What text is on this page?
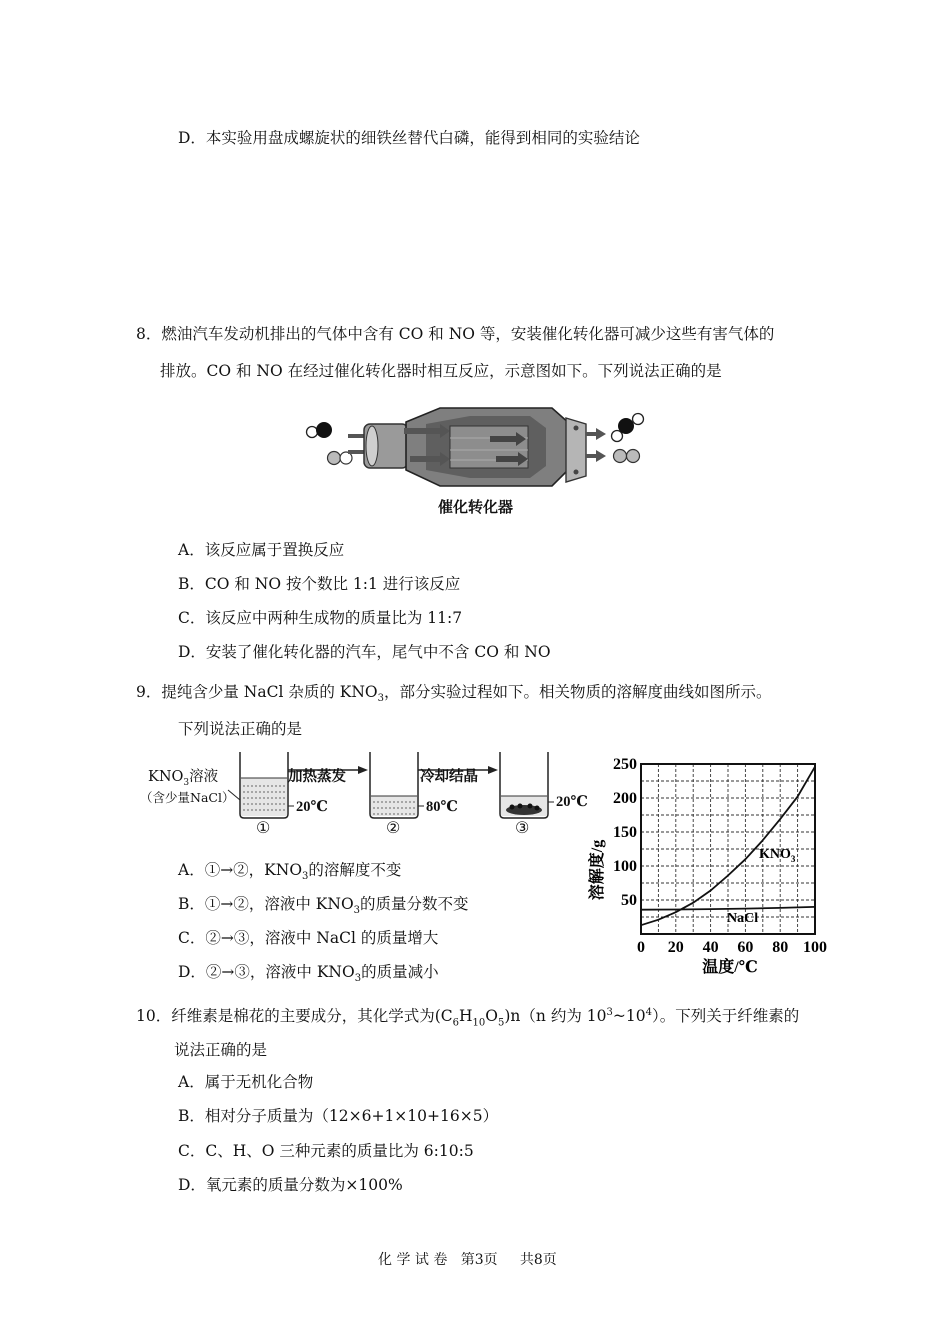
D．本实验用盘成螺旋状的细铁丝替代白磷，能得到相同的实验结论
8．燃油汽车发动机排出的气体中含有 CO 和 NO 等，安装催化转化器可减少这些有害气体的
排放。CO 和 NO 在经过催化转化器时相互反应，示意图如下。下列说法正确的是
催化转化器
A．该反应属于置换反应
B．CO 和 NO 按个数比 1:1 进行该反应
C．该反应中两种生成物的质量比为 11:7
D．安装了催化转化器的汽车，尾气中不含 CO 和 NO
9．提纯含少量 NaCl 杂质的 $KNO_3$，部分实验过程如下。相关物质的溶解度曲线如图所示。
下列说法正确的是
$KNO_3$溶液
（含少量NaCl）
加热蒸发	冷却结晶
20℃	80℃	20℃
①	②	③
A．①→②，$KNO_3$的溶解度不变
B．①→②，溶液中 $KNO_3$的质量分数不变
C．②→③，溶液中 NaCl 的质量增大
D．②→③，溶液中 $KNO_3$的质量减小
0 20 40 60 80 100
50
100
150
200
250
溶解度/g
温度/℃
$KNO_3$
NaCl
10．纤维素是棉花的主要成分，其化学式为$(C_6H_{10}O_5)n(n$ 约为 $10^3\sim 10^4$）。下列关于纤维素的
说法正确的是
A．属于无机化合物
B．相对分子质量为（12×6+1×10+16×5）
C．C、H、O 三种元素的质量比为 6:10:5
D．氧元素的质量分数为×100%
化 学 试 卷   第3页     共8页
